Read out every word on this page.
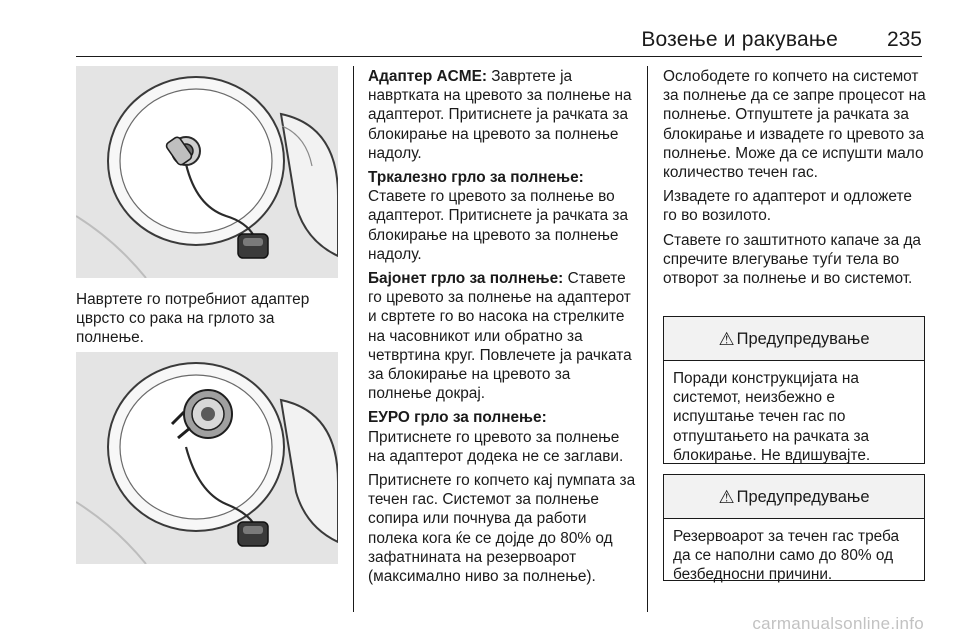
Возење и ракување 235

Навртете го потребниот адаптер цврсто со рака на грлото за полнење.

Адаптер ACME: Завртете ја навртката на цревото за полнење на адаптерот. Притиснете ја рачката за блокирање на цревото за полнење надолу.

Тркалезно грло за полнење:
Ставете го цревото за полнење во адаптерот. Притиснете ја рачката за блокирање на цревото за полнење надолу.

Бајонет грло за полнење: Ставете го цревото за полнење на адаптерот и свртете го во насока на стрелките на часовникот или обратно за четвртина круг. Повлечете ја рачката за блокирање на цревото за полнење докрај.

ЕУРО грло за полнење:
Притиснете го цревото за полнење на адаптерот додека не се заглави.

Притиснете го копчето кај пумпата за течен гас. Системот за полнење сопира или почнува да работи полека кога ќе се дојде до 80% од зафатнината на резервоарот (максимално ниво за полнење).

Ослободете го копчето на системот за полнење да се запре процесот на полнење. Отпуштете ја рачката за блокирање и извадете го цревото за полнење. Може да се испушти мало количество течен гас.

Извадете го адаптерот и одложете го во возилото.

Ставете го заштитното капаче за да спречите влегување туѓи тела во отворот за полнење и во системот.

⚠ Предупредување
Поради конструкцијата на системот, неизбежно е испуштање течен гас по отпуштањето на рачката за блокирање. Не вдишувајте.
⚠ Предупредување
Резервоарот за течен гас треба да се наполни само до 80% од безбедносни причини.
carmanualsonline.info
